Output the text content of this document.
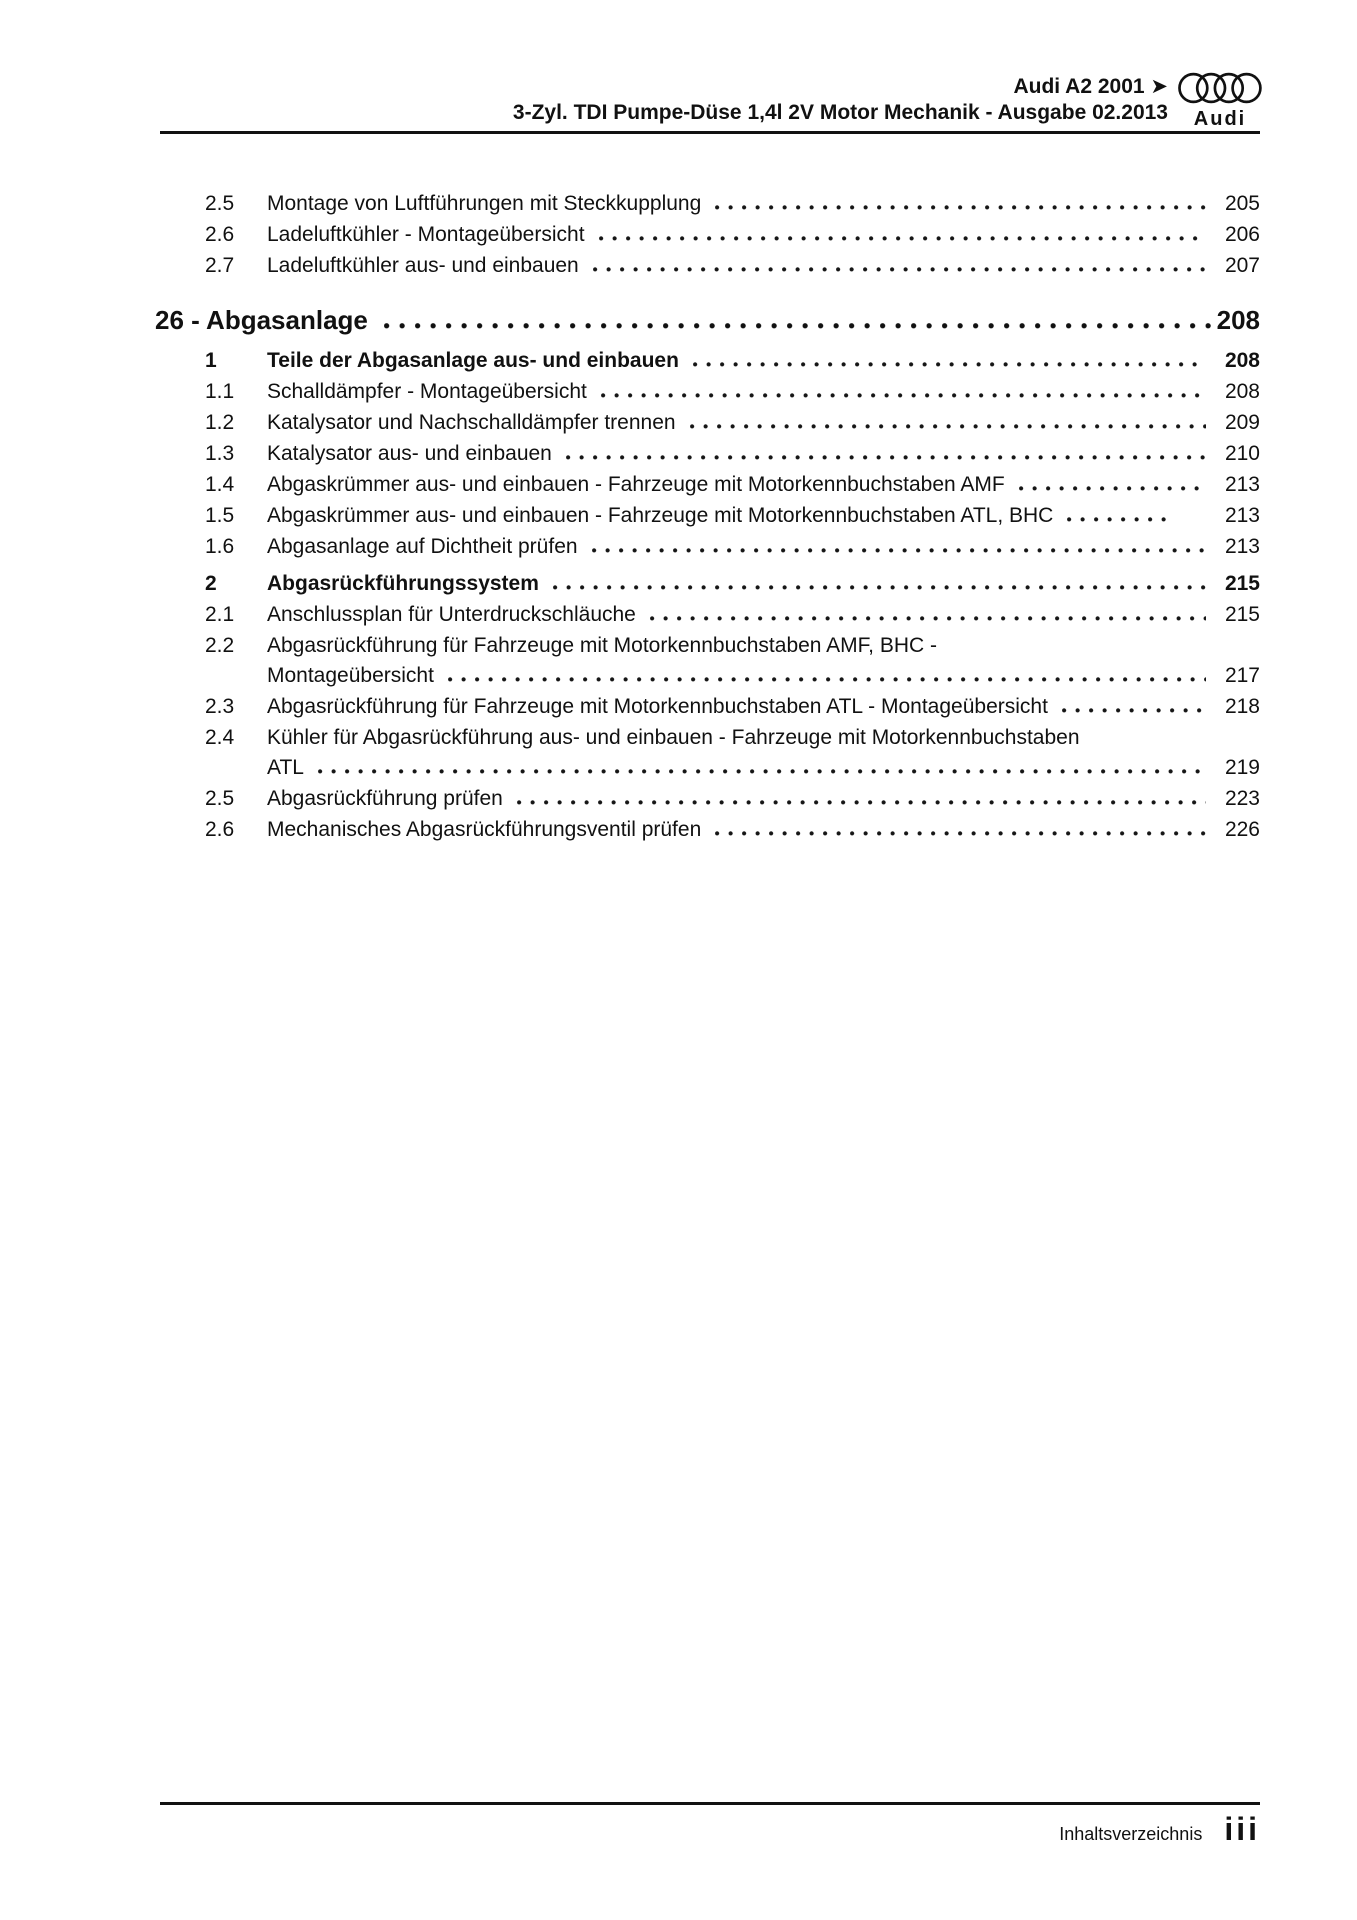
Audi A2 2001 ➤
3-Zyl. TDI Pumpe-Düse 1,4l 2V Motor Mechanik - Ausgabe 02.2013	Audi
2.5	Montage von Luftführungen mit Steckkupplung	205
2.6	Ladeluftkühler - Montageübersicht	206
2.7	Ladeluftkühler aus- und einbauen	207
26 - Abgasanlage	208
1	Teile der Abgasanlage aus- und einbauen	208
1.1	Schalldämpfer - Montageübersicht	208
1.2	Katalysator und Nachschalldämpfer trennen	209
1.3	Katalysator aus- und einbauen	210
1.4	Abgaskrümmer aus- und einbauen - Fahrzeuge mit Motorkennbuchstaben AMF	213
1.5	Abgaskrümmer aus- und einbauen - Fahrzeuge mit Motorkennbuchstaben ATL, BHC	213
1.6	Abgasanlage auf Dichtheit prüfen	213
2	Abgasrückführungssystem	215
2.1	Anschlussplan für Unterdruckschläuche	215
2.2	Abgasrückführung für Fahrzeuge mit Motorkennbuchstaben AMF, BHC -
Montageübersicht	217
2.3	Abgasrückführung für Fahrzeuge mit Motorkennbuchstaben ATL - Montageübersicht	218
2.4	Kühler für Abgasrückführung aus- und einbauen - Fahrzeuge mit Motorkennbuchstaben
ATL	219
2.5	Abgasrückführung prüfen	223
2.6	Mechanisches Abgasrückführungsventil prüfen	226
Inhaltsverzeichnis iii
